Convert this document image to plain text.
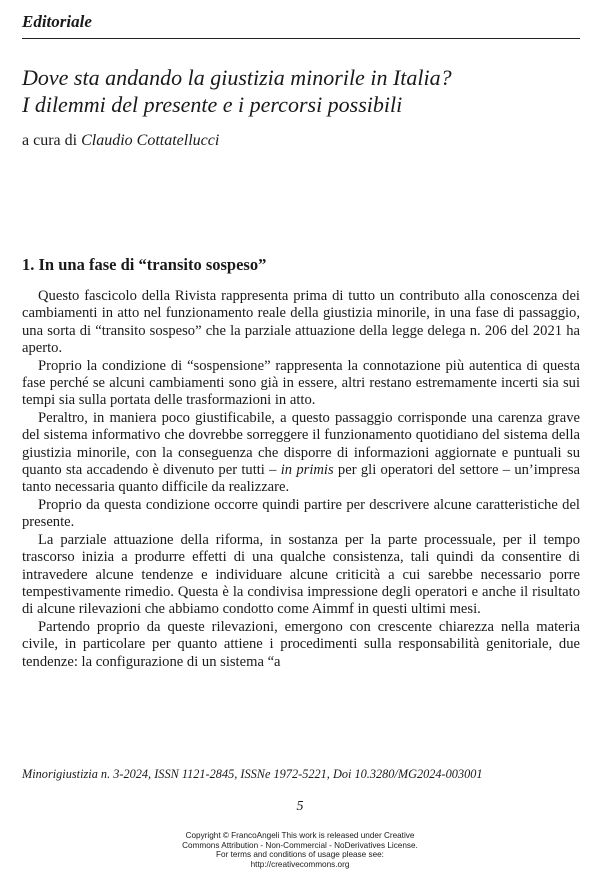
Editoriale
Dove sta andando la giustizia minorile in Italia?
I dilemmi del presente e i percorsi possibili
a cura di Claudio Cottatellucci
1. In una fase di “transito sospeso”

Questo fascicolo della Rivista rappresenta prima di tutto un contributo alla conoscenza dei cambiamenti in atto nel funzionamento reale della giustizia minorile, in una fase di passaggio, una sorta di “transito sospeso” che la parziale attuazione della legge delega n. 206 del 2021 ha aperto.

Proprio la condizione di “sospensione” rappresenta la connotazione più autentica di questa fase perché se alcuni cambiamenti sono già in essere, altri restano estremamente incerti sia sui tempi sia sulla portata delle trasformazioni in atto.

Peraltro, in maniera poco giustificabile, a questo passaggio corrisponde una carenza grave del sistema informativo che dovrebbe sorreggere il funzionamento quotidiano del sistema della giustizia minorile, con la conseguenza che disporre di informazioni aggiornate e puntuali su quanto sta accadendo è divenuto per tutti – in primis per gli operatori del settore – un’impresa tanto necessaria quanto difficile da realizzare.

Proprio da questa condizione occorre quindi partire per descrivere alcune caratteristiche del presente.

La parziale attuazione della riforma, in sostanza per la parte processuale, per il tempo trascorso inizia a produrre effetti di una qualche consistenza, tali quindi da consentire di intravedere alcune tendenze e individuare alcune criticità a cui sarebbe necessario porre tempestivamente rimedio. Questa è la condivisa impressione degli operatori e anche il risultato di alcune rilevazioni che abbiamo condotto come Aimmf in questi ultimi mesi.

Partendo proprio da queste rilevazioni, emergono con crescente chiarezza nella materia civile, in particolare per quanto attiene i procedimenti sulla responsabilità genitoriale, due tendenze: la configurazione di un sistema “a

Minorigiustizia n. 3-2024, ISSN 1121-2845, ISSNe 1972-5221, Doi 10.3280/MG2024-003001
5
Copyright © FrancoAngeli This work is released under Creative
Commons Attribution - Non-Commercial - NoDerivatives License.
For terms and conditions of usage please see:
http://creativecommons.org
